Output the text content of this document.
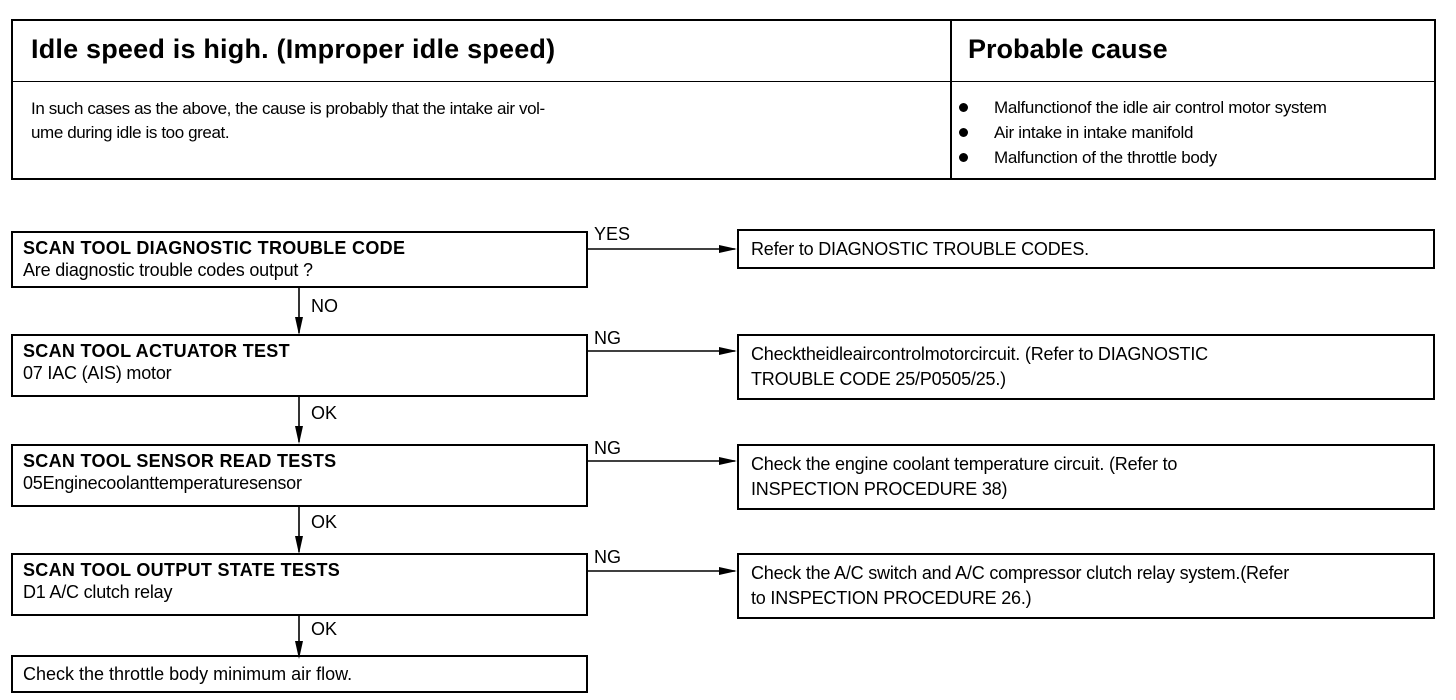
Idle speed is high. (Improper idle speed)	Probable cause
In such cases as the above, the cause is probably that the intake air vol-
ume during idle is too great.
Malfunctionof the idle air control motor system
Air intake in intake manifold
Malfunction of the throttle body
SCAN TOOL DIAGNOSTIC TROUBLE CODE
Are diagnostic trouble codes output ?
YES
NO
Refer to DIAGNOSTIC TROUBLE CODES.
SCAN TOOL ACTUATOR TEST
07 IAC (AIS) motor
NG
OK
Checktheidleaircontrolmotorcircuit. (Refer to DIAGNOSTIC
TROUBLE CODE 25/P0505/25.)
SCAN TOOL SENSOR READ TESTS
05Enginecoolanttemperaturesensor
NG
OK
Check the engine coolant temperature circuit. (Refer to
INSPECTION PROCEDURE 38)
SCAN TOOL OUTPUT STATE TESTS
D1 A/C clutch relay
NG
OK
Check the A/C switch and A/C compressor clutch relay system.(Refer
to INSPECTION PROCEDURE 26.)
Check the throttle body minimum air flow.
